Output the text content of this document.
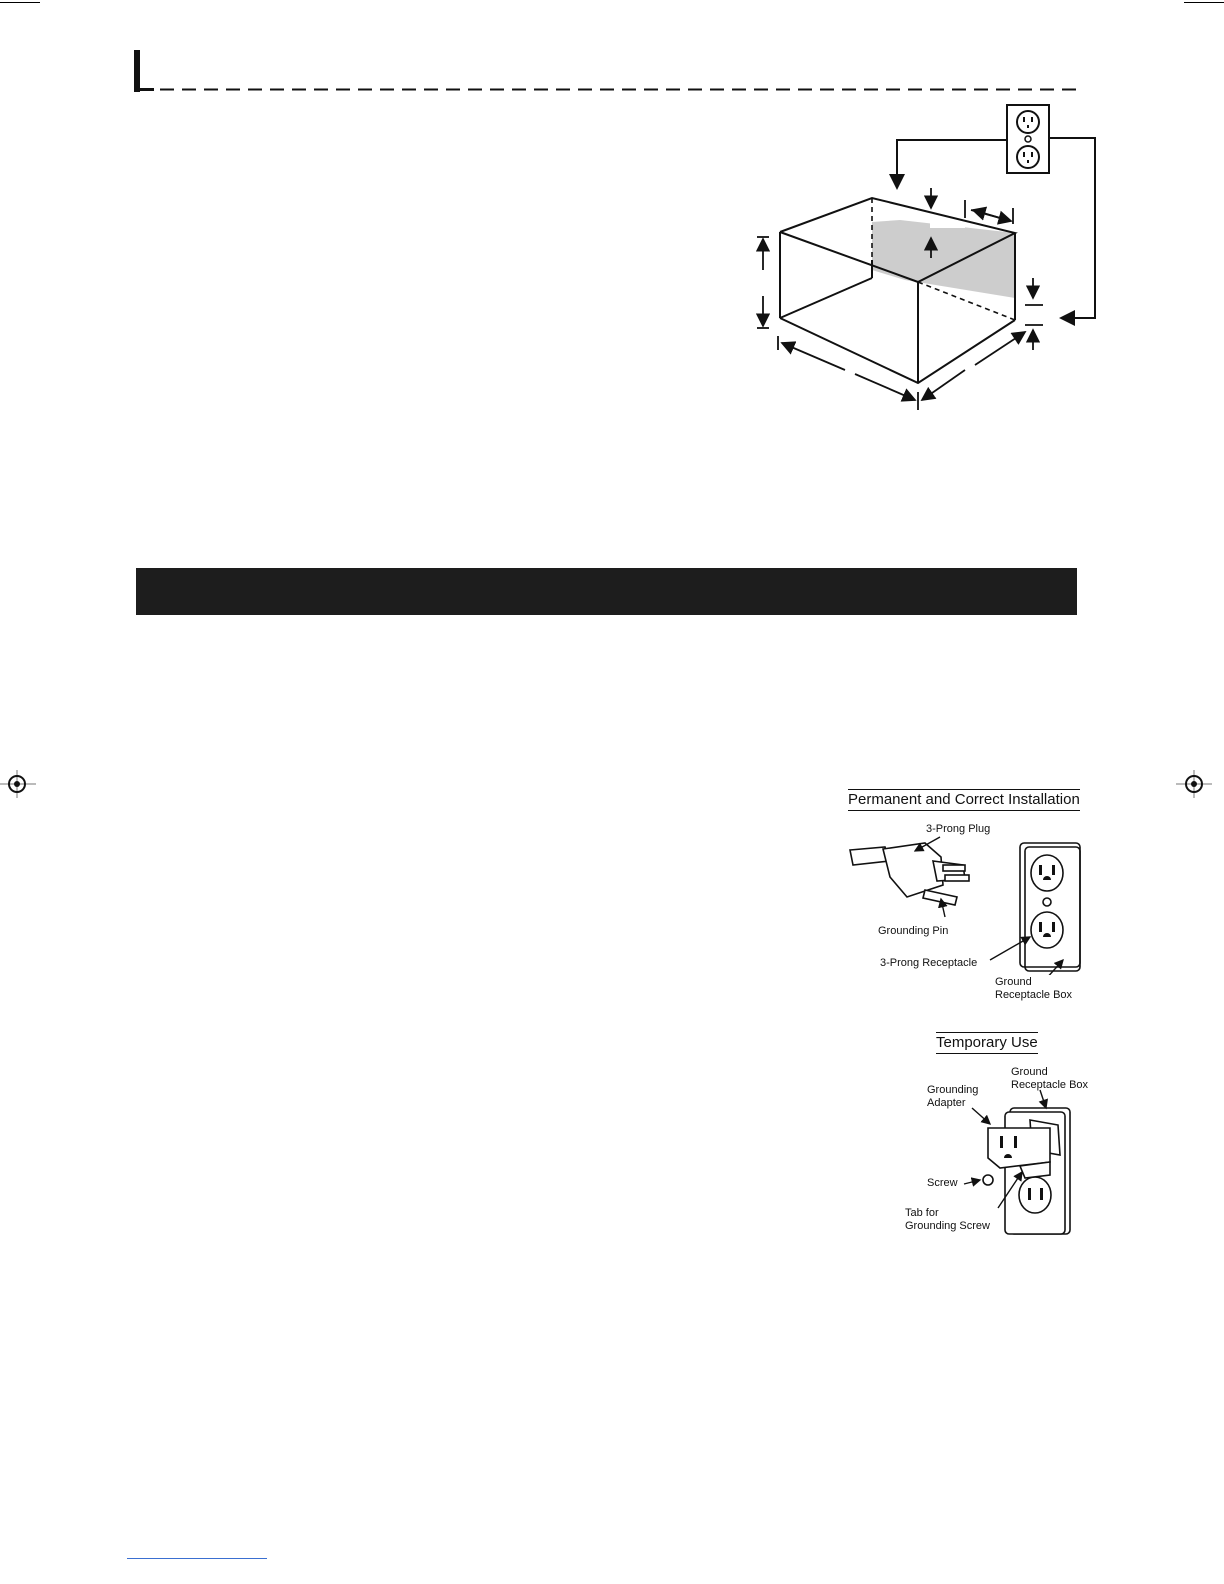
Permanent and Correct Installation
3-Prong Plug
Grounding Pin
3-Prong Receptacle
Ground
Receptacle Box
Temporary Use
Ground
Receptacle Box
Grounding
Adapter
Screw
Tab for
Grounding Screw
